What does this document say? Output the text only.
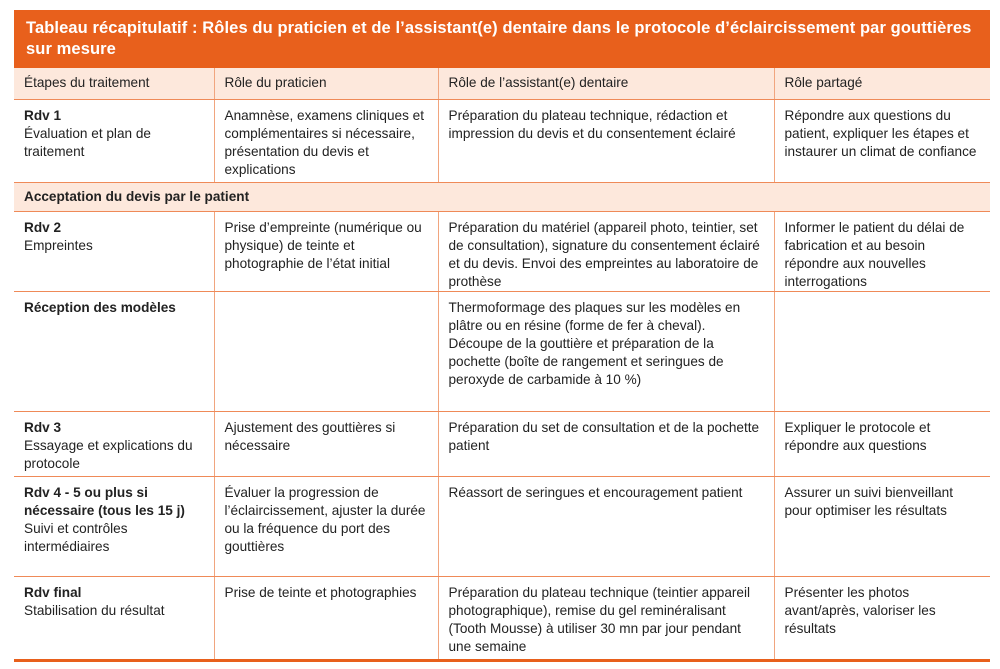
Tableau récapitulatif : Rôles du praticien et de l’assistant(e) dentaire dans le protocole d’éclaircissement par gouttières sur mesure
Étapes du traitement	Rôle du praticien	Rôle de l’assistant(e) dentaire	Rôle partagé

Rdv 1
Évaluation et plan de traitement	Anamnèse, examens cliniques et complémentaires si nécessaire, présentation du devis et explications	Préparation du plateau technique, rédaction et impression du devis et du consentement éclairé	Répondre aux questions du patient, expliquer les étapes et instaurer un climat de confiance
Acceptation du devis par le patient			

Rdv 2
Empreintes	Prise d’empreinte (numérique ou physique) de teinte et photographie de l’état initial	Préparation du matériel (appareil photo, teintier, set de consultation), signature du consentement éclairé et du devis. Envoi des empreintes au laboratoire de prothèse	Informer le patient du délai de fabrication et au besoin répondre aux nouvelles interrogations

Réception des modèles		Thermoformage des plaques sur les modèles en plâtre ou en résine (forme de fer à cheval). Découpe de la gouttière et préparation de la pochette (boîte de rangement et seringues de peroxyde de carbamide à 10 %)	

Rdv 3
Essayage et explications du protocole	Ajustement des gouttières si nécessaire	Préparation du set de consultation et de la pochette patient	Expliquer le protocole et répondre aux questions

Rdv 4 - 5 ou plus si nécessaire (tous les 15 j)
Suivi et contrôles intermédiaires	Évaluer la progression de l’éclaircissement, ajuster la durée ou la fréquence du port des gouttières	Réassort de seringues et encouragement patient	Assurer un suivi bienveillant pour optimiser les résultats

Rdv final
Stabilisation du résultat	Prise de teinte et photographies	Préparation du plateau technique (teintier appareil photographique), remise du gel reminéralisant (Tooth Mousse) à utiliser 30 mn par jour pendant une semaine	Présenter les photos avant/après, valoriser les résultats
